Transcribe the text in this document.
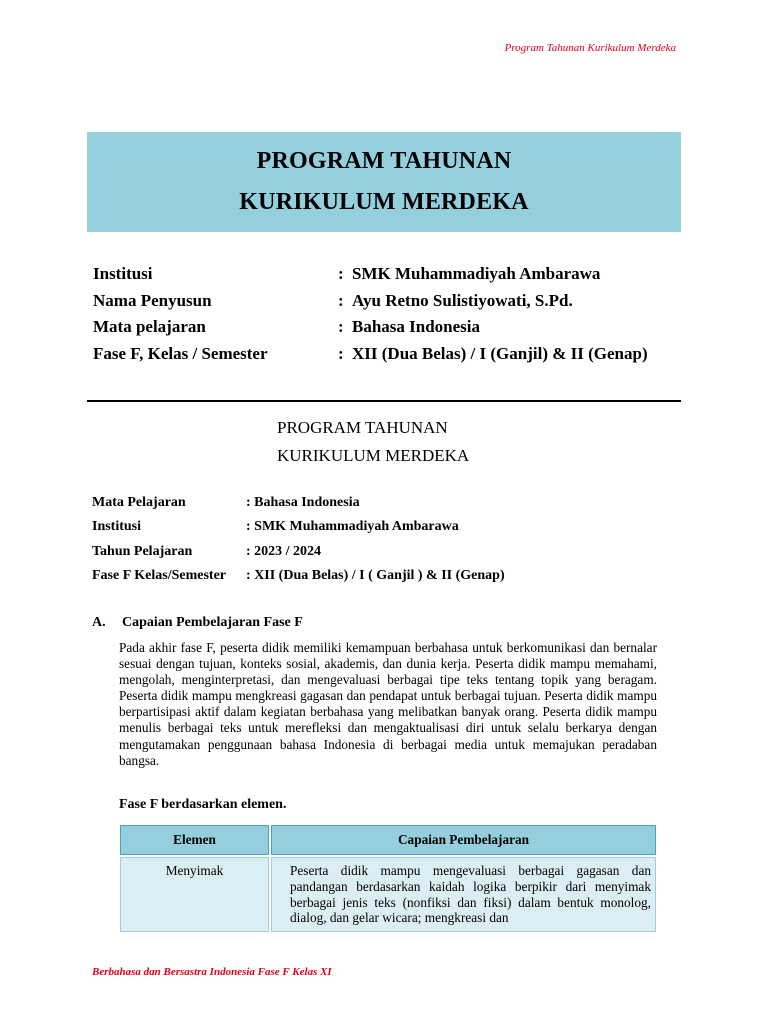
Program Tahunan Kurikulum Merdeka
PROGRAM TAHUNAN
KURIKULUM MERDEKA
Institusi	: SMK Muhammadiyah Ambarawa
Nama Penyusun	: Ayu Retno Sulistiyowati, S.Pd.
Mata pelajaran	: Bahasa Indonesia
Fase F, Kelas / Semester	: XII (Dua Belas) / I (Ganjil) & II (Genap)
PROGRAM TAHUNAN
KURIKULUM MERDEKA
Mata Pelajaran	: Bahasa Indonesia
Institusi	: SMK Muhammadiyah Ambarawa
Tahun Pelajaran	: 2023 / 2024
Fase F Kelas/Semester : XII (Dua Belas) / I ( Ganjil ) & II (Genap)
A. Capaian Pembelajaran Fase F
Pada akhir fase F, peserta didik memiliki kemampuan berbahasa untuk berkomunikasi dan bernalar sesuai dengan tujuan, konteks sosial, akademis, dan dunia kerja. Peserta didik mampu memahami, mengolah, menginterpretasi, dan mengevaluasi berbagai tipe teks tentang topik yang beragam. Peserta didik mampu mengkreasi gagasan dan pendapat untuk berbagai tujuan. Peserta didik mampu berpartisipasi aktif dalam kegiatan berbahasa yang melibatkan banyak orang. Peserta didik mampu menulis berbagai teks untuk merefleksi dan mengaktualisasi diri untuk selalu berkarya dengan mengutamakan penggunaan bahasa Indonesia di berbagai media untuk memajukan peradaban bangsa.
Fase F berdasarkan elemen.
Elemen	Capaian Pembelajaran
Menyimak	Peserta didik mampu mengevaluasi berbagai gagasan dan pandangan berdasarkan kaidah logika berpikir dari menyimak berbagai jenis teks (nonfiksi dan fiksi) dalam bentuk monolog, dialog, dan gelar wicara; mengkreasi dan
Berbahasa dan Bersastra Indonesia Fase F Kelas XI
